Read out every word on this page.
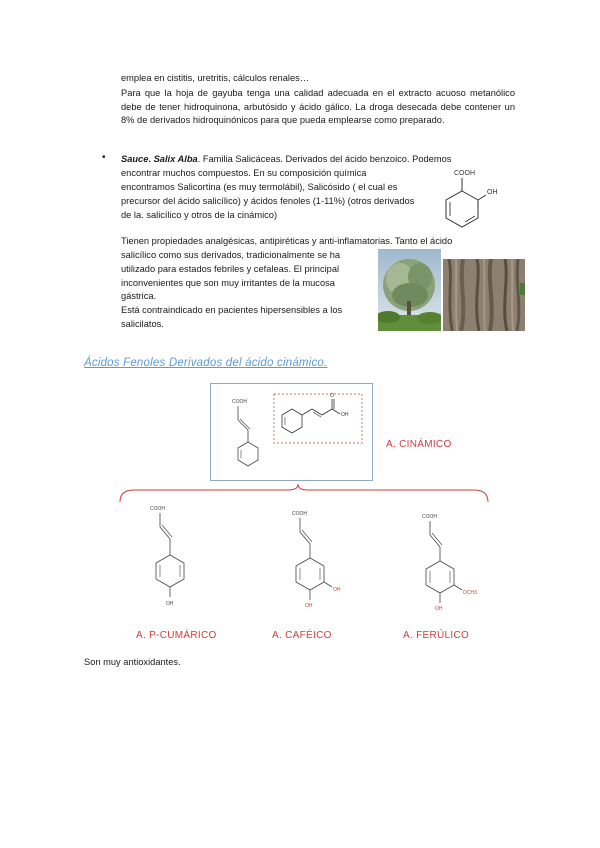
emplea en cistitis, uretritis, cálculos renales…
Para que la hoja de gayuba tenga una calidad adecuada en el extracto acuoso metanólico debe de tener hidroquinona, arbutósido y ácido gálico. La droga desecada debe contener un 8% de derivados hidroquinónicos para que pueda emplearse como preparado.
• Sauce. Salix Alba. Familia Salicáceas. Derivados del ácido benzoico. Podemos
encontrar muchos compuestos. En su composición química
encontramos Salicortina (es muy termolábil), Salicósido ( el cual es
precursor del ácido salicílico) y ácidos fenoles (1-11%) (otros derivados
de la. salicílico y otros de la cinámico)
COOH
OH
Tienen propiedades analgésicas, antipiréticas y anti-inflamatorias. Tanto el ácido
salicílico como sus derivados, tradicionalmente se ha
utilizado para estados febriles y cefaleas. El principal
inconvenientes que son muy irritantes de la mucosa
gástrica.
Está contraindicado en pacientes hipersensibles a los
salicilatos.
Ácidos Fenoles Derivados del ácido cinámico.
COOH
O
OH
A. CINÁMICO
COOH
OH
A. P-CUMÁRICO
COOH
OH
OH
A. CAFÉICO
COOH
OCH3
OH
A. FERÚLICO
Son muy antioxidantes.
